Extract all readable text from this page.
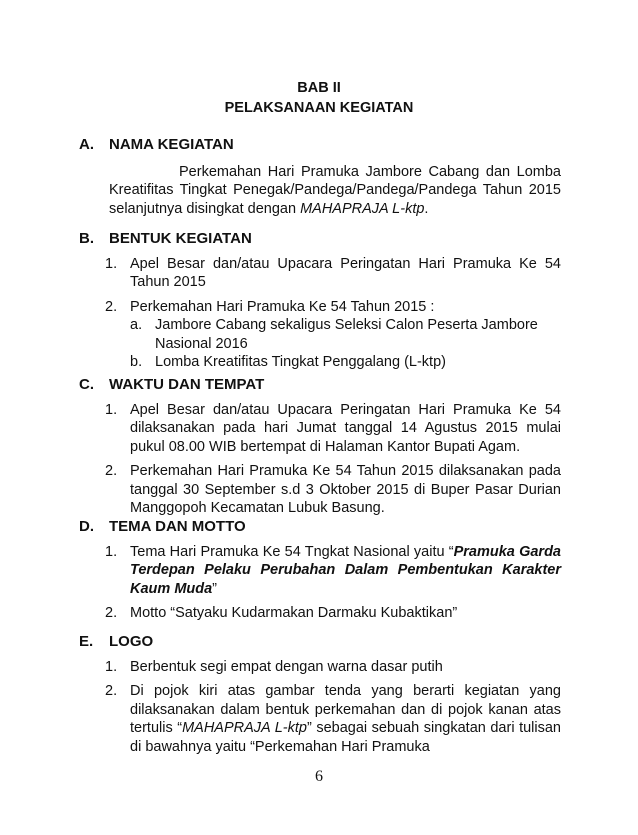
BAB II
PELAKSANAAN KEGIATAN
A.	NAMA KEGIATAN
Perkemahan Hari Pramuka Jambore Cabang dan Lomba Kreatifitas Tingkat Penegak/Pandega/Pandega/Pandega Tahun 2015 selanjutnya disingkat dengan MAHAPRAJA L-ktp.
B.	BENTUK KEGIATAN
1. Apel Besar dan/atau Upacara Peringatan Hari Pramuka Ke 54 Tahun 2015
2. Perkemahan Hari Pramuka Ke 54 Tahun 2015 :
a. Jambore Cabang sekaligus Seleksi Calon Peserta Jambore Nasional 2016
b. Lomba Kreatifitas Tingkat Penggalang (L-ktp)
C.	WAKTU DAN TEMPAT
1. Apel Besar dan/atau Upacara Peringatan Hari Pramuka Ke 54 dilaksanakan pada hari Jumat tanggal 14 Agustus 2015 mulai pukul 08.00 WIB bertempat di Halaman Kantor Bupati Agam.
2. Perkemahan Hari Pramuka Ke 54 Tahun 2015 dilaksanakan pada tanggal 30 September s.d 3 Oktober 2015 di Buper Pasar Durian Manggopoh Kecamatan Lubuk Basung.
D.	TEMA DAN MOTTO
1. Tema Hari Pramuka Ke 54 Tngkat Nasional yaitu “Pramuka Garda Terdepan Pelaku Perubahan Dalam Pembentukan Karakter Kaum Muda”
2. Motto “Satyaku Kudarmakan Darmaku Kubaktikan”
E.	LOGO
1. Berbentuk segi empat dengan warna dasar putih
2. Di pojok kiri atas gambar tenda yang berarti kegiatan yang dilaksanakan dalam bentuk perkemahan dan di pojok kanan atas tertulis “MAHAPRAJA L-ktp” sebagai sebuah singkatan dari tulisan di bawahnya yaitu “Perkemahan Hari Pramuka
6
